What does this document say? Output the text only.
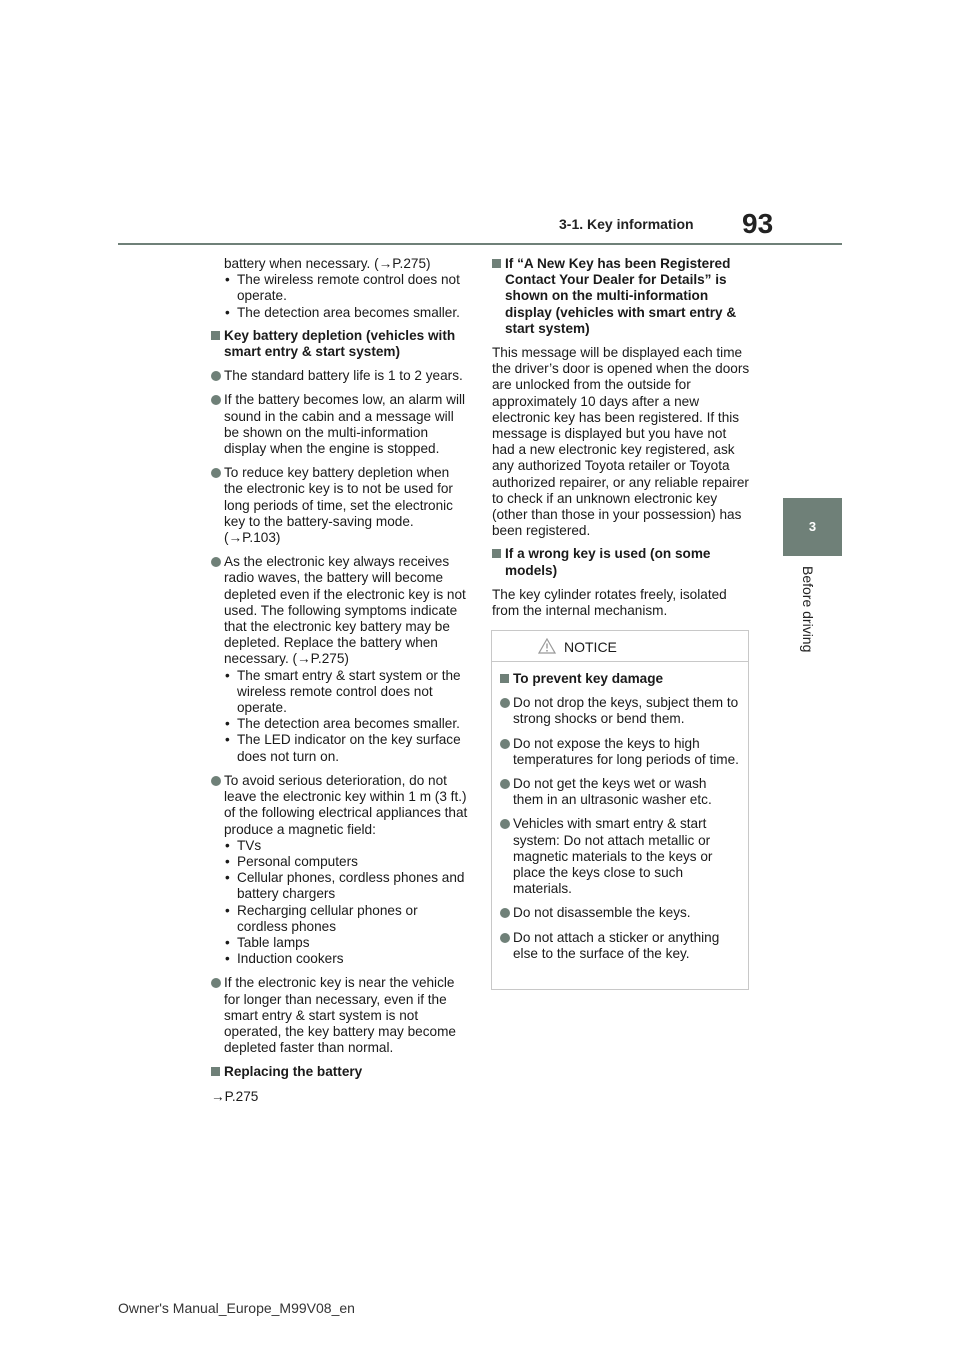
3-1. Key information 93
3
Before driving

battery when necessary. (→P.275)

• The wireless remote control does not operate.

• The detection area becomes smaller.

Key battery depletion (vehicles with smart entry & start system)

The standard battery life is 1 to 2 years.

If the battery becomes low, an alarm will sound in the cabin and a message will be shown on the multi-information display when the engine is stopped.

To reduce key battery depletion when the electronic key is to not be used for long periods of time, set the electronic key to the battery-saving mode. (→P.103)

As the electronic key always receives radio waves, the battery will become depleted even if the electronic key is not used. The following symptoms indicate that the electronic key battery may be depleted. Replace the battery when necessary. (→P.275)

• The smart entry & start system or the wireless remote control does not operate.

• The detection area becomes smaller.

• The LED indicator on the key surface does not turn on.

To avoid serious deterioration, do not leave the electronic key within 1 m (3 ft.) of the following electrical appliances that produce a magnetic field:

• TVs

• Personal computers

• Cellular phones, cordless phones and battery chargers

• Recharging cellular phones or cordless phones

• Table lamps

• Induction cookers

If the electronic key is near the vehicle for longer than necessary, even if the smart entry & start system is not operated, the key battery may become depleted faster than normal.

Replacing the battery

→P.275

If “A New Key has been Registered Contact Your Dealer for Details” is shown on the multi-information display (vehicles with smart entry & start system)

This message will be displayed each time the driver’s door is opened when the doors are unlocked from the outside for approximately 10 days after a new electronic key has been registered. If this message is displayed but you have not had a new electronic key registered, ask any authorized Toyota retailer or Toyota authorized repairer, or any reliable repairer to check if an unknown electronic key (other than those in your possession) has been registered.

If a wrong key is used (on some models)

The key cylinder rotates freely, isolated from the internal mechanism.

NOTICE

To prevent key damage

Do not drop the keys, subject them to strong shocks or bend them.

Do not expose the keys to high temperatures for long periods of time.

Do not get the keys wet or wash them in an ultrasonic washer etc.

Vehicles with smart entry & start system: Do not attach metallic or magnetic materials to the keys or place the keys close to such materials.

Do not disassemble the keys.

Do not attach a sticker or anything else to the surface of the key.

Owner's Manual_Europe_M99V08_en
